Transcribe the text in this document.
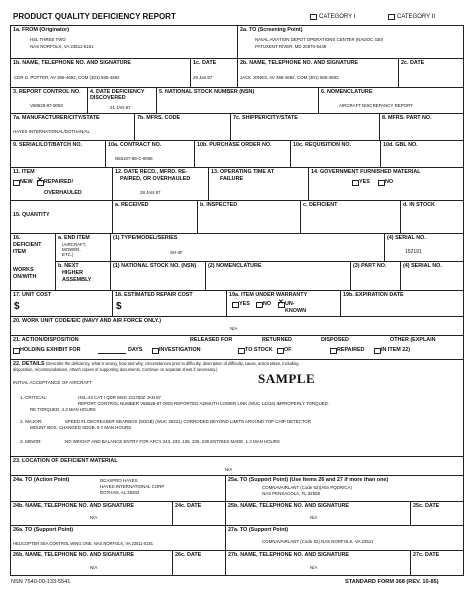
PRODUCT QUALITY DEFICIENCY REPORT	CATEGORY I	CATEGORY II
1a. FROM (Originator)
HSL THREE TWO
NAS NORFOLK, VA 23511-5181
2a. TO (Screening Point)
NAVAL AVIATION DEPOT OPERATIONS CENTER (NADOC 430)
PATUXENT RIVER, MD 20670-5449
1b. NAME, TELEPHONE NO. AND SIGNATURE
CDR D. POTTER, AV 358-4692, COM (301) 555-4692
1c. DATE
29 Jan 87
2b. NAME, TELEPHONE NO. AND SIGNATURE
JACK JONES, AV 358-4692, COM (301) 555-4692
2c. DATE
3. REPORT CONTROL NO.
V68628-87-0003
4. DATE DEFICIENCY DISCOVERED
21 JAN 87
5. NATIONAL STOCK NUMBER (NSN)	6. NOMENCLATURE
AIRCRAFT DISCREPANCY REPORT
7a. MANUFACTURER/CITY/STATE
HAYES INTERNATIONAL/DOTHAN/AL
7b. MFRS. CODE	7c. SHIPPER/CITY/STATE	8. MFRS. PART NO.
9. SERIAL/LOT/BATCH NO.	10a. CONTRACT NO.
N66107-86-C-0008
10b. PURCHASE ORDER NO.	10c. REQUISITION NO.	10d. GBL NO.
11. ITEM
NEW ✕ REPAIRED/
OVERHAULED
12. DATE RECD., MFRD. RE-
PAIRED, OR OVERHAULED
28 JAN 87
13. OPERATING TIME AT
FAILURE
14. GOVERNMENT FURNISHED MATERIAL
YES	NO
15. QUANTITY
a. RECEIVED	b. INSPECTED	c. DEFICIENT	d. IN STOCK
16.
DEFICIENT
ITEM
WORKS
ON/WITH
a. END ITEM
(AIRCRAFT,
MOWER,
ETC.)
b. NEXT
HIGHER
ASSEMBLY
(1) TYPE/MODEL/SERIES
SH-3F
(4) SERIAL NO.
152191
(1) NATIONAL STOCK NO. (NSN) (2) NOMENCLATURE	(3) PART NO.	(4) SERIAL NO.
17. UNIT COST
$
18. ESTIMATED REPAIR COST
$
19a. ITEM UNDER WARRANTY
YES NO ✕ UN-
KNOWN
19b. EXPIRATION DATE
20. WORK UNIT CODE/EIC (NAVY AND AIR FORCE ONLY.)
N/A
21. ACTION/DISPOSITION	RELEASED FOR	RETURNED	DISPOSED	OTHER (EXPLAIN
HOLDING EXHIBIT FOR	DAYS	INVESTIGATION	TO STOCK OF	REPAIRED	IN ITEM 22)
22. DETAILS (Describe the deficiency, what is wrong, how and why, circumstances prior to difficulty, description of difficulty, cause, action taken, including
disposition, recommendations. Attach copies of supporting documents. Continue on separate sheet if necessary.)
SAMPLE
INITIAL ACCEPTANCE OF AIRCRAFT
1. CRITICAL:	HSL-34 CAT I QDR MSG 211750Z JAN 87
REPORT CONTROL NUMBER V68628-87-0003 REPORTED AZIMUTH LOWER LINK (WUC 14316) IMPROPERLY TORQUED.
RE TORQUED. 4.3 MAN HOURS
2. MAJOR:	SPEED #1 DECREASER GEARBOX (SDGB) (WUC 29221) CORRODED BEYOND LIMITS AROUND TOP CHIP DETECTOR
MOUNT BOX. CHANGED SDGB. 9.7 MAN HOURS
3. MINOR:	NO WEIGHT AND BALANCE ENTRY FOR AFC's 243, 233, 136, 236, 239 ENTRIES MADE. 1.2 MAN HOURS
23. LOCATION OF DEFICIENT MATERIAL
N/A
24a. TO (Action Point)	DCASPRO HAYES
HAYES INTERNATIONAL CORP
DOTHAN, AL 36302
25a. TO (Support Point) (Use Items 26 and 27 if more than one)
COMNAVAIRLANT (Code 52)(Attn PQDR/CA)
NAS PENSACOLA, FL 32508
24b. NAME, TELEPHONE NO. AND SIGNATURE
N/A
24c. DATE	25b. NAME, TELEPHONE NO. AND SIGNATURE
N/A
25c. DATE
26a. TO (Support Point)
HELICOPTER SEA CONTROL WING ONE, NAS NORFOLK, VA 23511-5181
27a. TO (Support Point)
COMNAVAIRLANT (Code 52) NAS NORFOLK, VA 23511
26b. NAME, TELEPHONE NO. AND SIGNATURE
N/A
26c. DATE	27b. NAME, TELEPHONE NO. AND SIGNATURE
N/A
27c. DATE
NSN 7540-00-133-5541	STANDARD FORM 368 (REV. 10-85)
